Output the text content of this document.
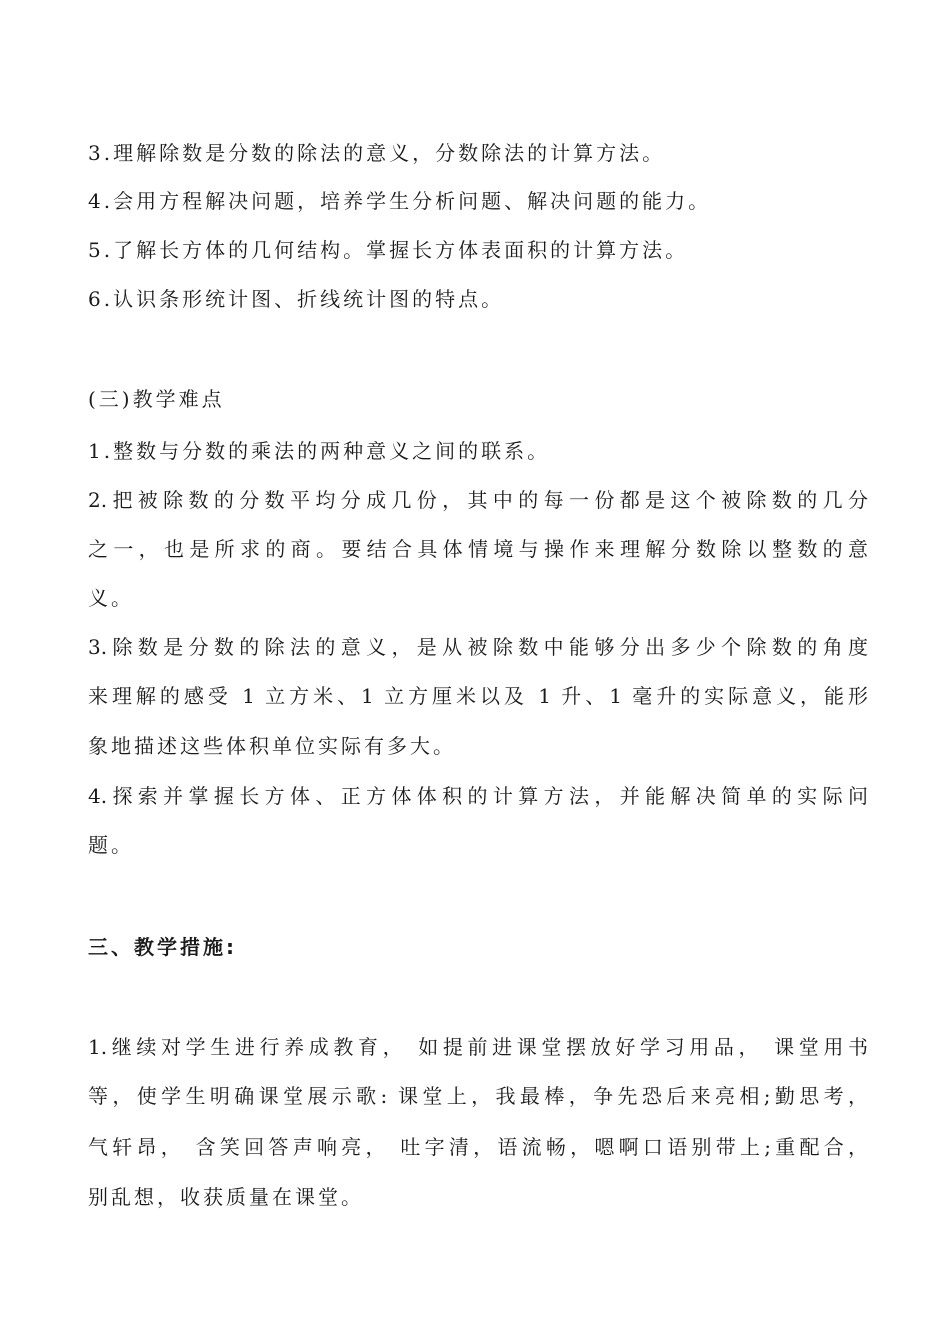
3.理解除数是分数的除法的意义，分数除法的计算方法。
4.会用方程解决问题，培养学生分析问题、解决问题的能力。
5.了解长方体的几何结构。掌握长方体表面积的计算方法。
6.认识条形统计图、折线统计图的特点。
(三)教学难点
1.整数与分数的乘法的两种意义之间的联系。
2.把被除数的分数平均分成几份，其中的每一份都是这个被除数的几分
之一，也是所求的商。要结合具体情境与操作来理解分数除以整数的意
义。
3.除数是分数的除法的意义，是从被除数中能够分出多少个除数的角度
来理解的感受 1 立方米、1 立方厘米以及 1 升、1 毫升的实际意义，能形
象地描述这些体积单位实际有多大。
4.探索并掌握长方体、正方体体积的计算方法，并能解决简单的实际问
题。
三、教学措施:
1.继续对学生进行养成教育， 如提前进课堂摆放好学习用品， 课堂用书
等，使学生明确课堂展示歌: 课堂上，我最棒，争先恐后来亮相;勤思考，
气轩昂， 含笑回答声响亮， 吐字清，语流畅，嗯啊口语别带上;重配合，
别乱想，收获质量在课堂。
